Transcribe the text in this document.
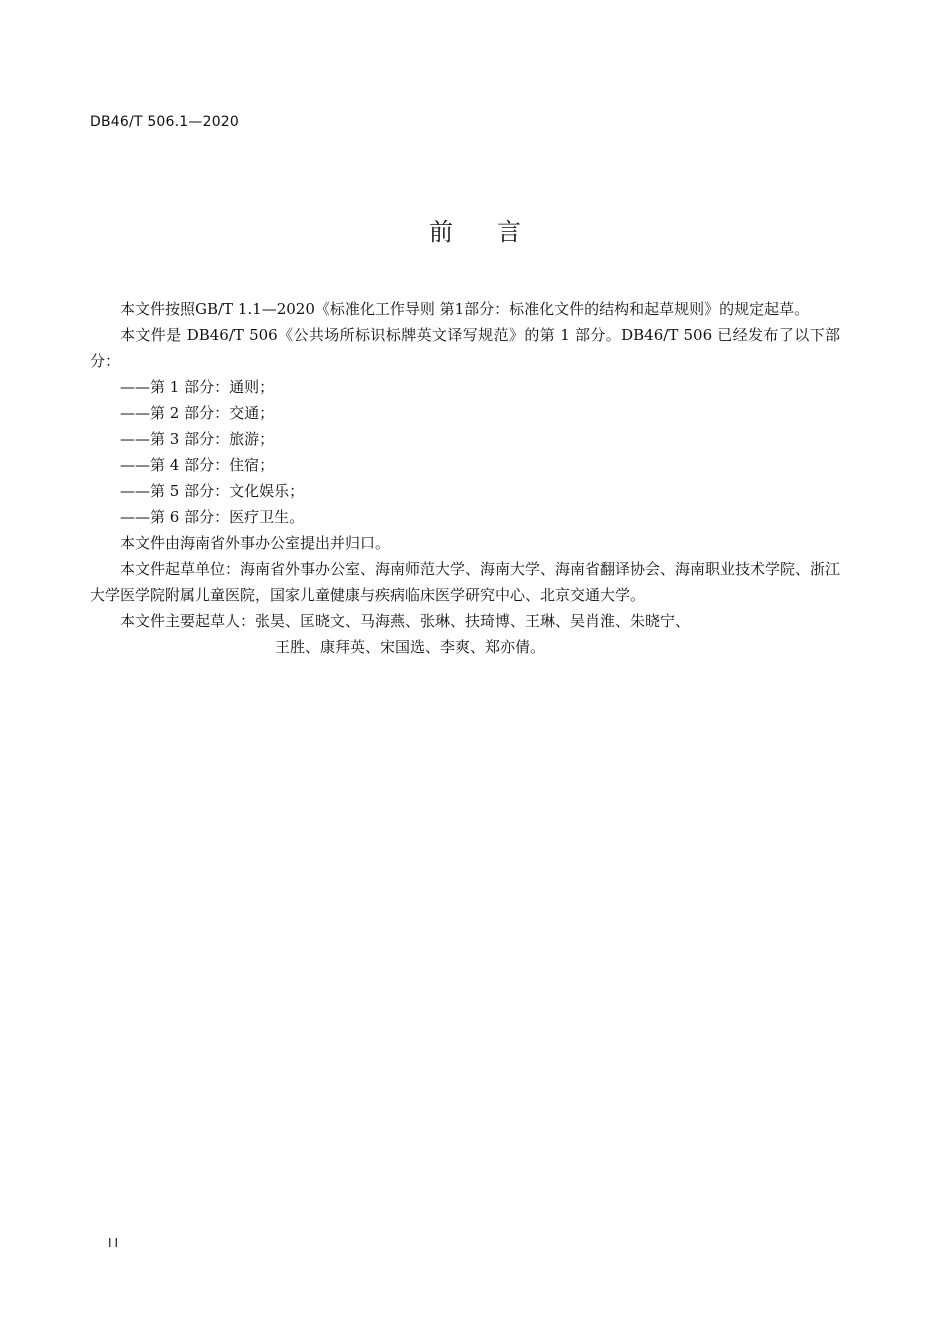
DB46/T 506.1—2020
前言

本文件按照GB/T 1.1—2020《标准化工作导则 第1部分：标准化文件的结构和起草规则》的规定起草。

本文件是 DB46/T 506《公共场所标识标牌英文译写规范》的第 1 部分。DB46/T 506 已经发布了以下部分：

——第 1 部分：通则；

——第 2 部分：交通；

——第 3 部分：旅游；

——第 4 部分：住宿；

——第 5 部分：文化娱乐；

——第 6 部分：医疗卫生。

本文件由海南省外事办公室提出并归口。

本文件起草单位：海南省外事办公室、海南师范大学、海南大学、海南省翻译协会、海南职业技术学院、浙江大学医学院附属儿童医院，国家儿童健康与疾病临床医学研究中心、北京交通大学。

本文件主要起草人：张昊、匡晓文、马海燕、张琳、扶琦博、王琳、吴肖淮、朱晓宁、

王胜、康拜英、宋国选、李爽、郑亦倩。

II
